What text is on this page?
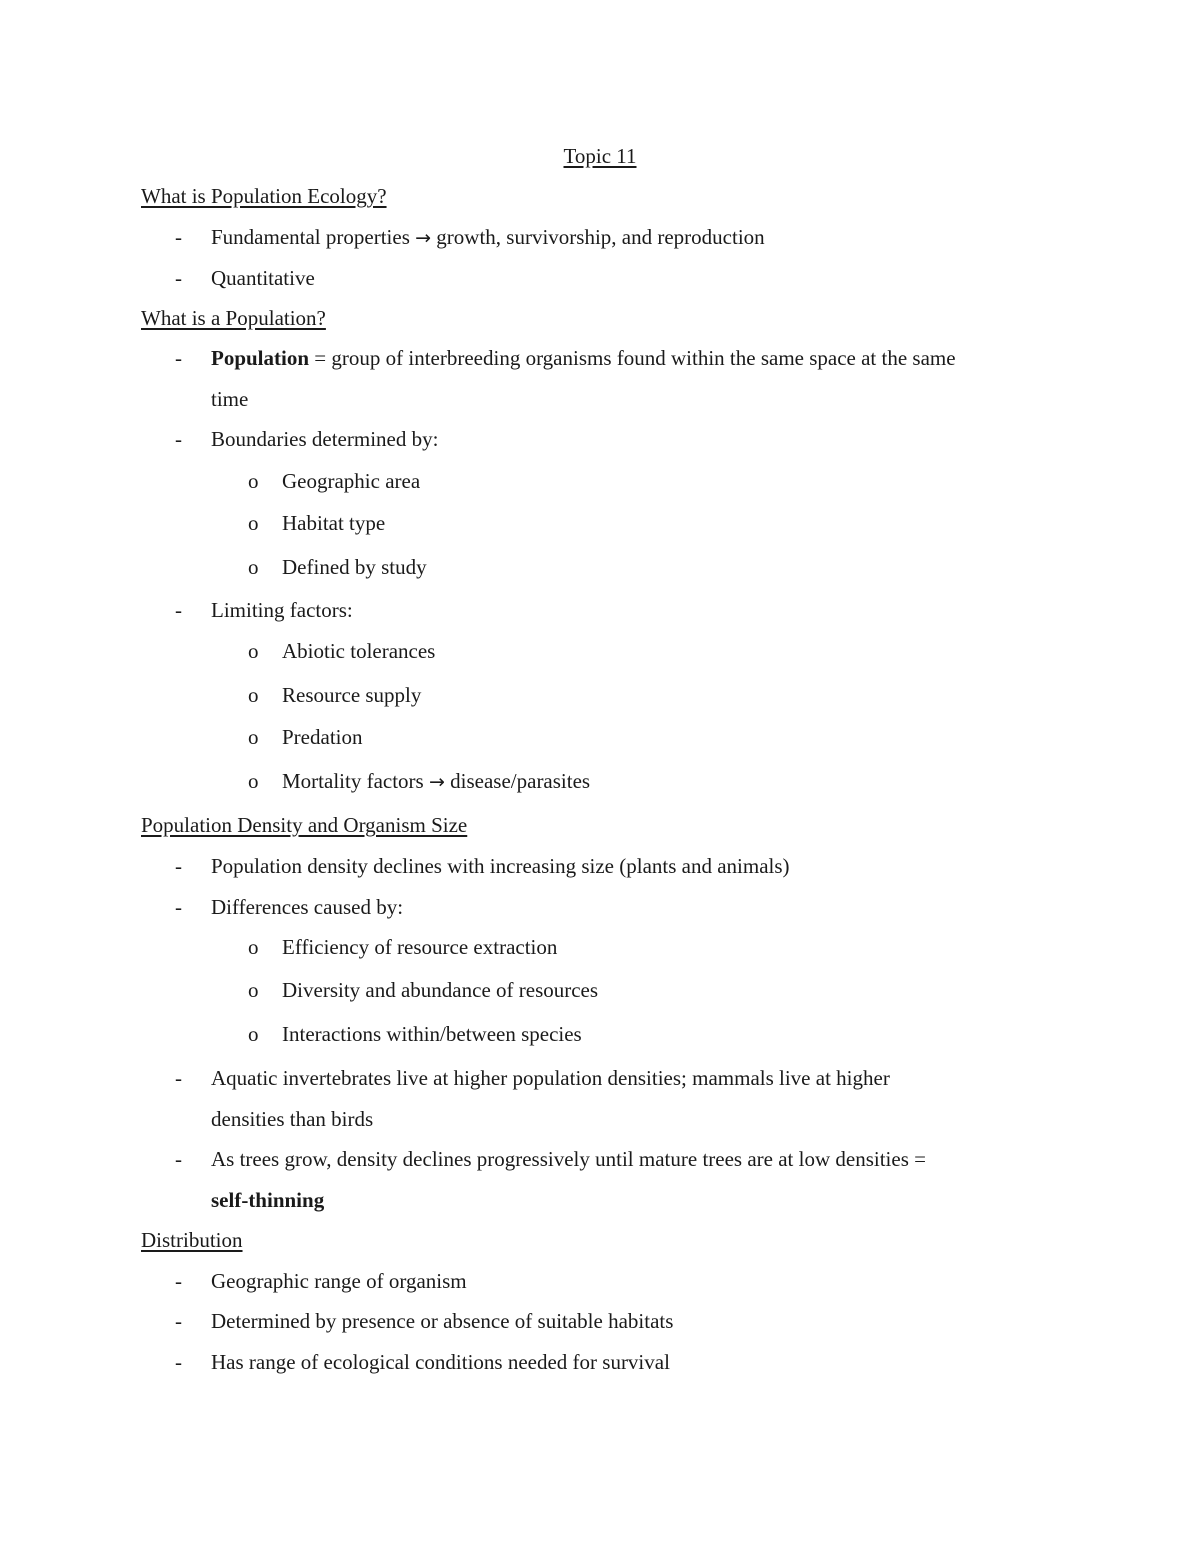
Topic 11
What is Population Ecology?
- Fundamental properties → growth, survivorship, and reproduction
- Quantitative
What is a Population?
- Population = group of interbreeding organisms found within the same space at the same
time
- Boundaries determined by:
o Geographic area
o Habitat type
o Defined by study
- Limiting factors:
o Abiotic tolerances
o Resource supply
o Predation
o Mortality factors → disease/parasites
Population Density and Organism Size
- Population density declines with increasing size (plants and animals)
- Differences caused by:
o Efficiency of resource extraction
o Diversity and abundance of resources
o Interactions within/between species
- Aquatic invertebrates live at higher population densities; mammals live at higher
densities than birds
- As trees grow, density declines progressively until mature trees are at low densities =
self-thinning
Distribution
- Geographic range of organism
- Determined by presence or absence of suitable habitats
- Has range of ecological conditions needed for survival
